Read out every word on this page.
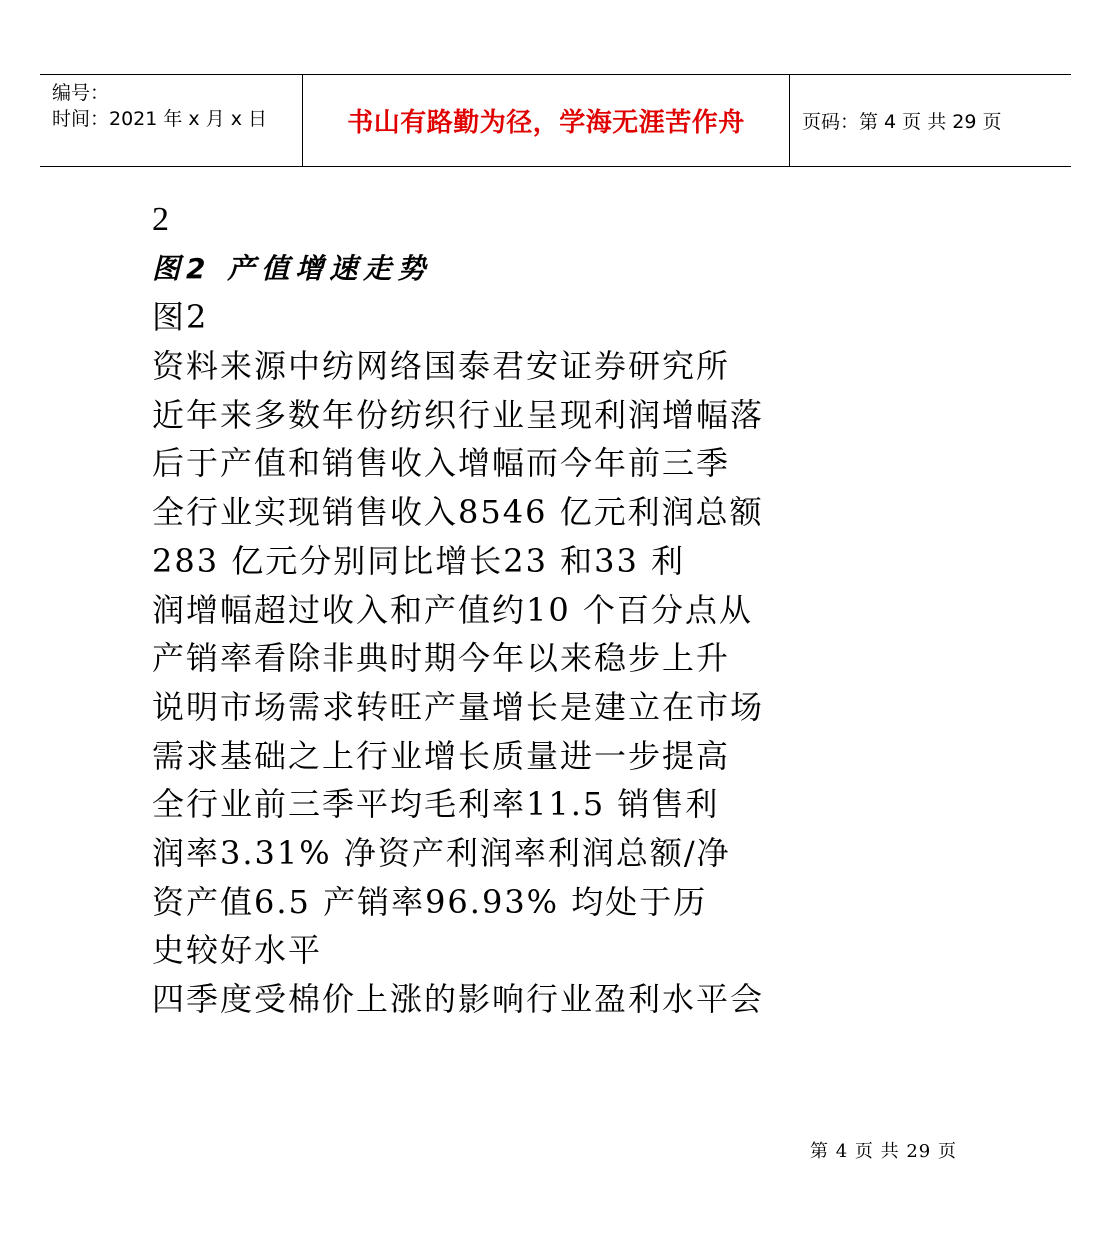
编号：
时间：2021 年 x 月 x 日	书山有路勤为径，学海无涯苦作舟	页码：第 4 页 共 29 页
2
图2 产值增速走势
图2
资料来源中纺网络国泰君安证券研究所
近年来多数年份纺织行业呈现利润增幅落
后于产值和销售收入增幅而今年前三季
全行业实现销售收入8546 亿元利润总额
283 亿元分别同比增长23 和33 利
润增幅超过收入和产值约10 个百分点从
产销率看除非典时期今年以来稳步上升
说明市场需求转旺产量增长是建立在市场
需求基础之上行业增长质量进一步提高
全行业前三季平均毛利率11.5 销售利
润率3.31% 净资产利润率利润总额/净
资产值6.5 产销率96.93% 均处于历
史较好水平
四季度受棉价上涨的影响行业盈利水平会
第 4 页 共 29 页
